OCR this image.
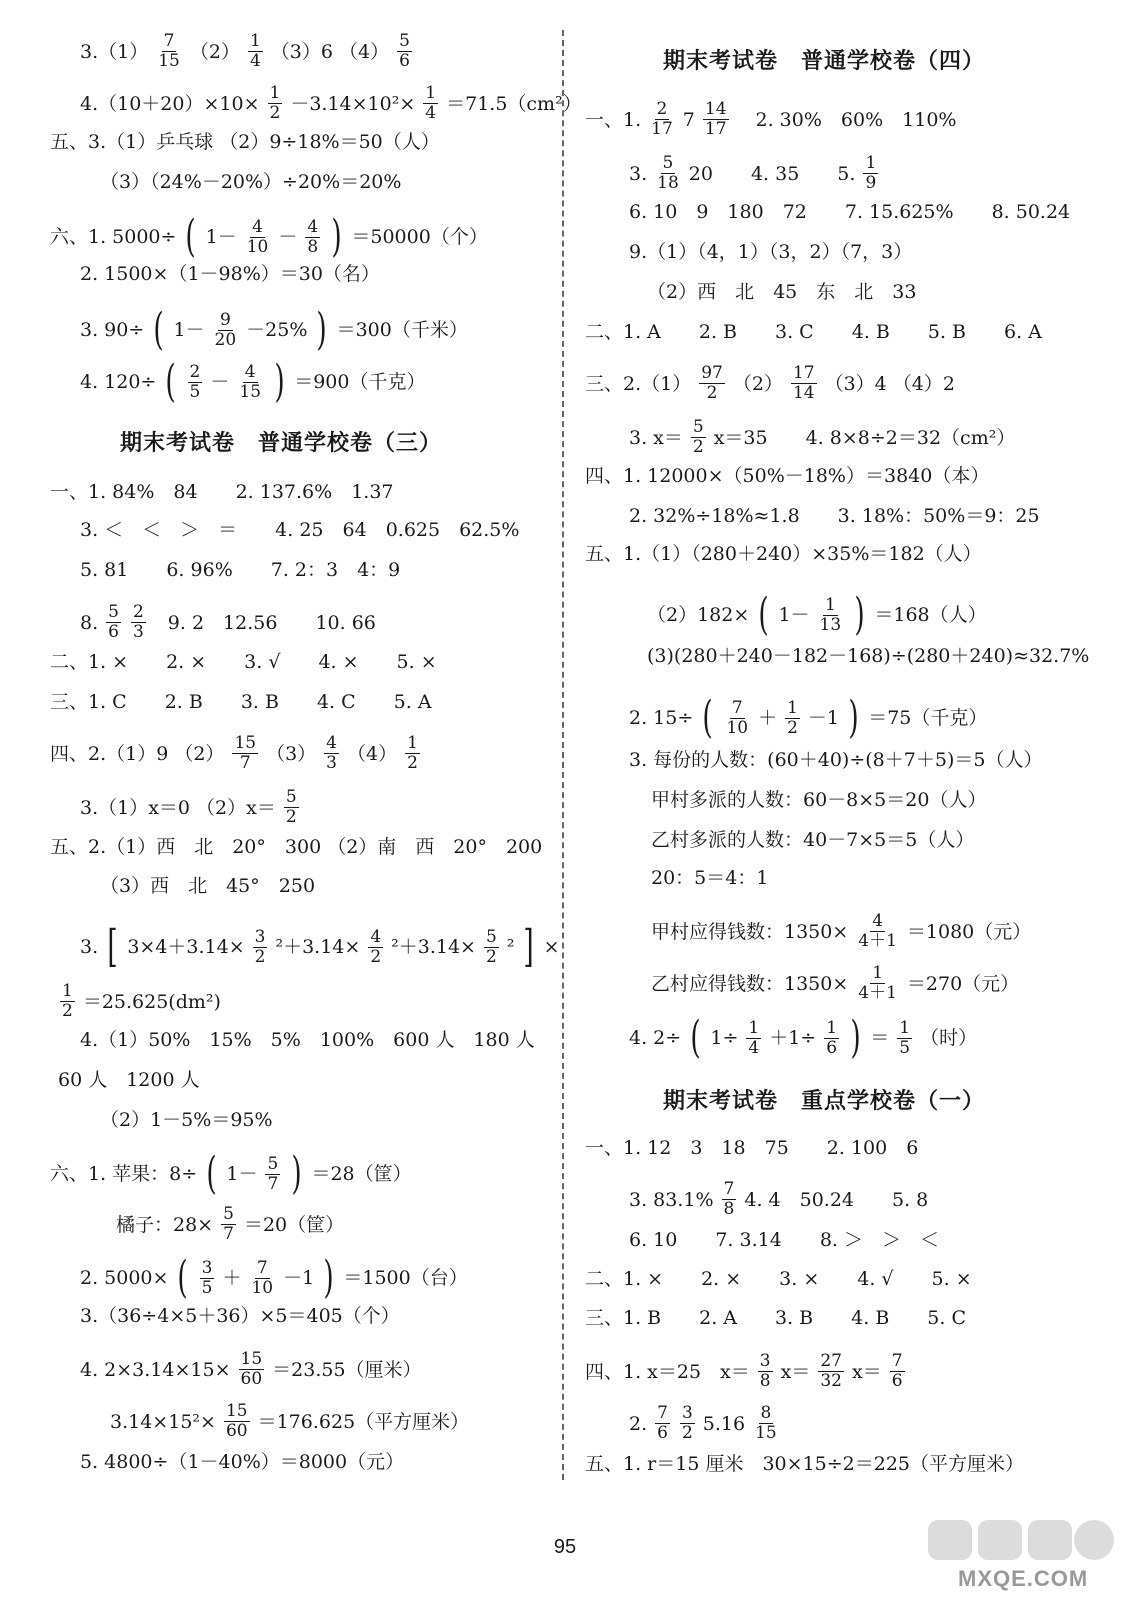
$3.(1) \frac{7}{15} (2) \frac{1}{4} (3)6$ $(4) \frac{5}{6}$
$4.(10+20)\times 10\times \frac{1}{2} -3.14\times 10^2\times \frac{1}{4} =71.5(cm^2)$
五、3.（1）乒乓球 （2）9÷18%＝50（人）
（3）（24%－20%）÷20%＝20%
六、1. 5000÷ ( $1- \frac{4}{10} - \frac{4}{8}$ ) ＝50000（个）
2. 1500×（1－98%）＝30（名）
3. 90÷ ( $1- \frac{9}{20} -25\%$ ) ＝300（千米）
4. 120÷ ( $\frac{2}{5} - \frac{4}{15}$ ) ＝900（千克）
期末考试卷　普通学校卷（三）
一、1. 84%　84　　2. 137.6%　1.37
3. ＜　＜　＞　＝　　4. 25　64　0.625　62.5%
5. 81　　6. 96%　　7. 2：3　4：9
8. $\frac{5}{6} \frac{2}{3} 9$. 2　12.56　　10. 66
二、1. ×　　2. ×　　3. √　　4. ×　　5. ×
三、1. C　　2. B　　3. B　　4. C　　5. A
四、2.（1）9 $(2) \frac{15}{7} (3) \frac{4}{3} (4) \frac{1}{2}$
3.（1）x＝0 $(2)x= \frac{5}{2}$
五、2.（1）西　北　20°　300 （2）南　西　20°　200
（3）西　北　45°　250
3. [ $3\times 4+3.14\times \frac{3}{2} ^2+3.14\times \frac{4}{2} ^2+3.14\times \frac{5}{2} ^2$ ] ×
$\frac{1}{2} =25.625(dm^2)$
4.（1）50%　15%　5%　100%　600 人　180 人
60 人　1200 人
（2）1－5%＝95%
六、1. 苹果：8÷ ( $1- \frac{5}{7}$ ) ＝28（筐）
橘子：$28\times \frac{5}{7} =20$（筐）
2. 5000× ( $\frac{3}{5} + \frac{7}{10} -1$ ) ＝1500（台）
3.（36÷4×5＋36）×5＝405（个）
4. $2\times 3.14\times 15\times \frac{15}{60} =23.55$（厘米）
$3.14\times 15^2\times \frac{15}{60} =176.625$（平方厘米）
5. 4800÷（1－40%）＝8000（元）
期末考试卷　普通学校卷（四）
一、1. $\frac{2}{17} 7 \frac{14}{17}$ 　2. 30%　60%　110%
3. $\frac{5}{18} 20$　　4. 35　　5. $\frac{1}{9}$
6. 10　9　180　72　　7. 15.625%　　8. 50.24
9.（1）（4，1）（3，2）（7，3）
（2）西　北　45　东　北　33
二、1. A　　2. B　　3. C　　4. B　　5. B　　6. A
三、$2.(1) \frac{97}{2} (2) \frac{17}{14} (3)4$ （4）2
3. $x= \frac{5}{2} x=35$　　4. 8×8÷2＝32（cm²）
四、1. 12000×（50%－18%）＝3840（本）
2. 32%÷18%≈1.8　　3. 18%：50%＝9：25
五、1.（1）（280＋240）×35%＝182（人）
（2）182× ( $1- \frac{1}{13}$ ) ＝168（人）
(3)(280＋240－182－168)÷(280＋240)≈32.7%
2. 15÷ ( $\frac{7}{10} + \frac{1}{2} -1$ ) ＝75（千克）
3. 每份的人数：(60＋40)÷(8＋7＋5)＝5（人）
甲村多派的人数：60－8×5＝20（人）
乙村多派的人数：40－7×5＝5（人）
20：5＝4：1
甲村应得钱数：$1350\times \frac{4}{4+1} =1080$（元）
乙村应得钱数：$1350\times \frac{1}{4+1} =270$（元）
4. 2÷ ( $1\div \frac{1}{4} +1\div \frac{1}{6}$ ) ＝ $\frac{1}{5}$ （时）
期末考试卷　重点学校卷（一）
一、1. 12　3　18　75　　2. 100　6
3. $83.1\% \frac{7}{8} 4$. 4　50.24　　5. 8
6. 10　　7. 3.14　　8. ＞　＞　＜
二、1. ×　　2. ×　　3. ×　　4. √　　5. ×
三、1. B　　2. A　　3. B　　4. B　　5. C
四、1. x＝25　$x= \frac{3}{8} x= \frac{27}{32} x= \frac{7}{6}$
2. $\frac{7}{6} \frac{3}{2} 5.16 \frac{8}{15}$
五、1. r＝15 厘米　30×15÷2＝225（平方厘米）
95
MXQE.COM
